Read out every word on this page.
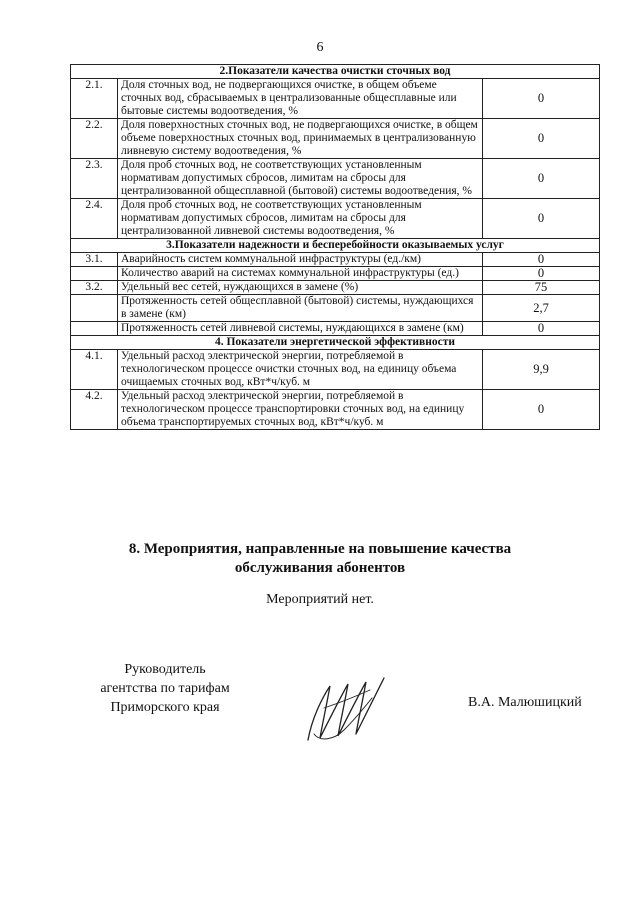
6
2.Показатели качества очистки сточных вод		
2.1.	Доля сточных вод, не подвергающихся очистке, в общем объеме сточных вод, сбрасываемых в централизованные общесплавные или бытовые системы водоотведения, %	0
2.2.	Доля поверхностных сточных вод, не подвергающихся очистке, в общем объеме поверхностных сточных вод, принимаемых в централизованную ливневую систему водоотведения, %	0
2.3.	Доля проб сточных вод, не соответствующих установленным нормативам допустимых сбросов, лимитам на сбросы для централизованной общесплавной (бытовой) системы водоотведения, %	0
2.4.	Доля проб сточных вод, не соответствующих установленным нормативам допустимых сбросов, лимитам на сбросы для централизованной ливневой системы водоотведения, %	0
3.Показатели надежности и бесперебойности оказываемых услуг		
3.1.	Аварийность систем коммунальной инфраструктуры (ед./км)	0
	Количество аварий на системах коммунальной инфраструктуры (ед.)	0
3.2.	Удельный вес сетей, нуждающихся в замене (%)	75
	Протяженность сетей общесплавной (бытовой) системы, нуждающихся в замене (км)	2,7
	Протяженность сетей ливневой системы, нуждающихся в замене (км)	0
4. Показатели энергетической эффективности		
4.1.	Удельный расход электрической энергии, потребляемой в технологическом процессе очистки сточных вод, на единицу объема очищаемых сточных вод, кВт*ч/куб. м	9,9
4.2.	Удельный расход электрической энергии, потребляемой в технологическом процессе транспортировки сточных вод, на единицу объема транспортируемых сточных вод, кВт*ч/куб. м	0
8. Мероприятия, направленные на повышение качества
обслуживания абонентов
Мероприятий нет.
Руководитель
агентства по тарифам
Приморского края	В.А. Малюшицкий
